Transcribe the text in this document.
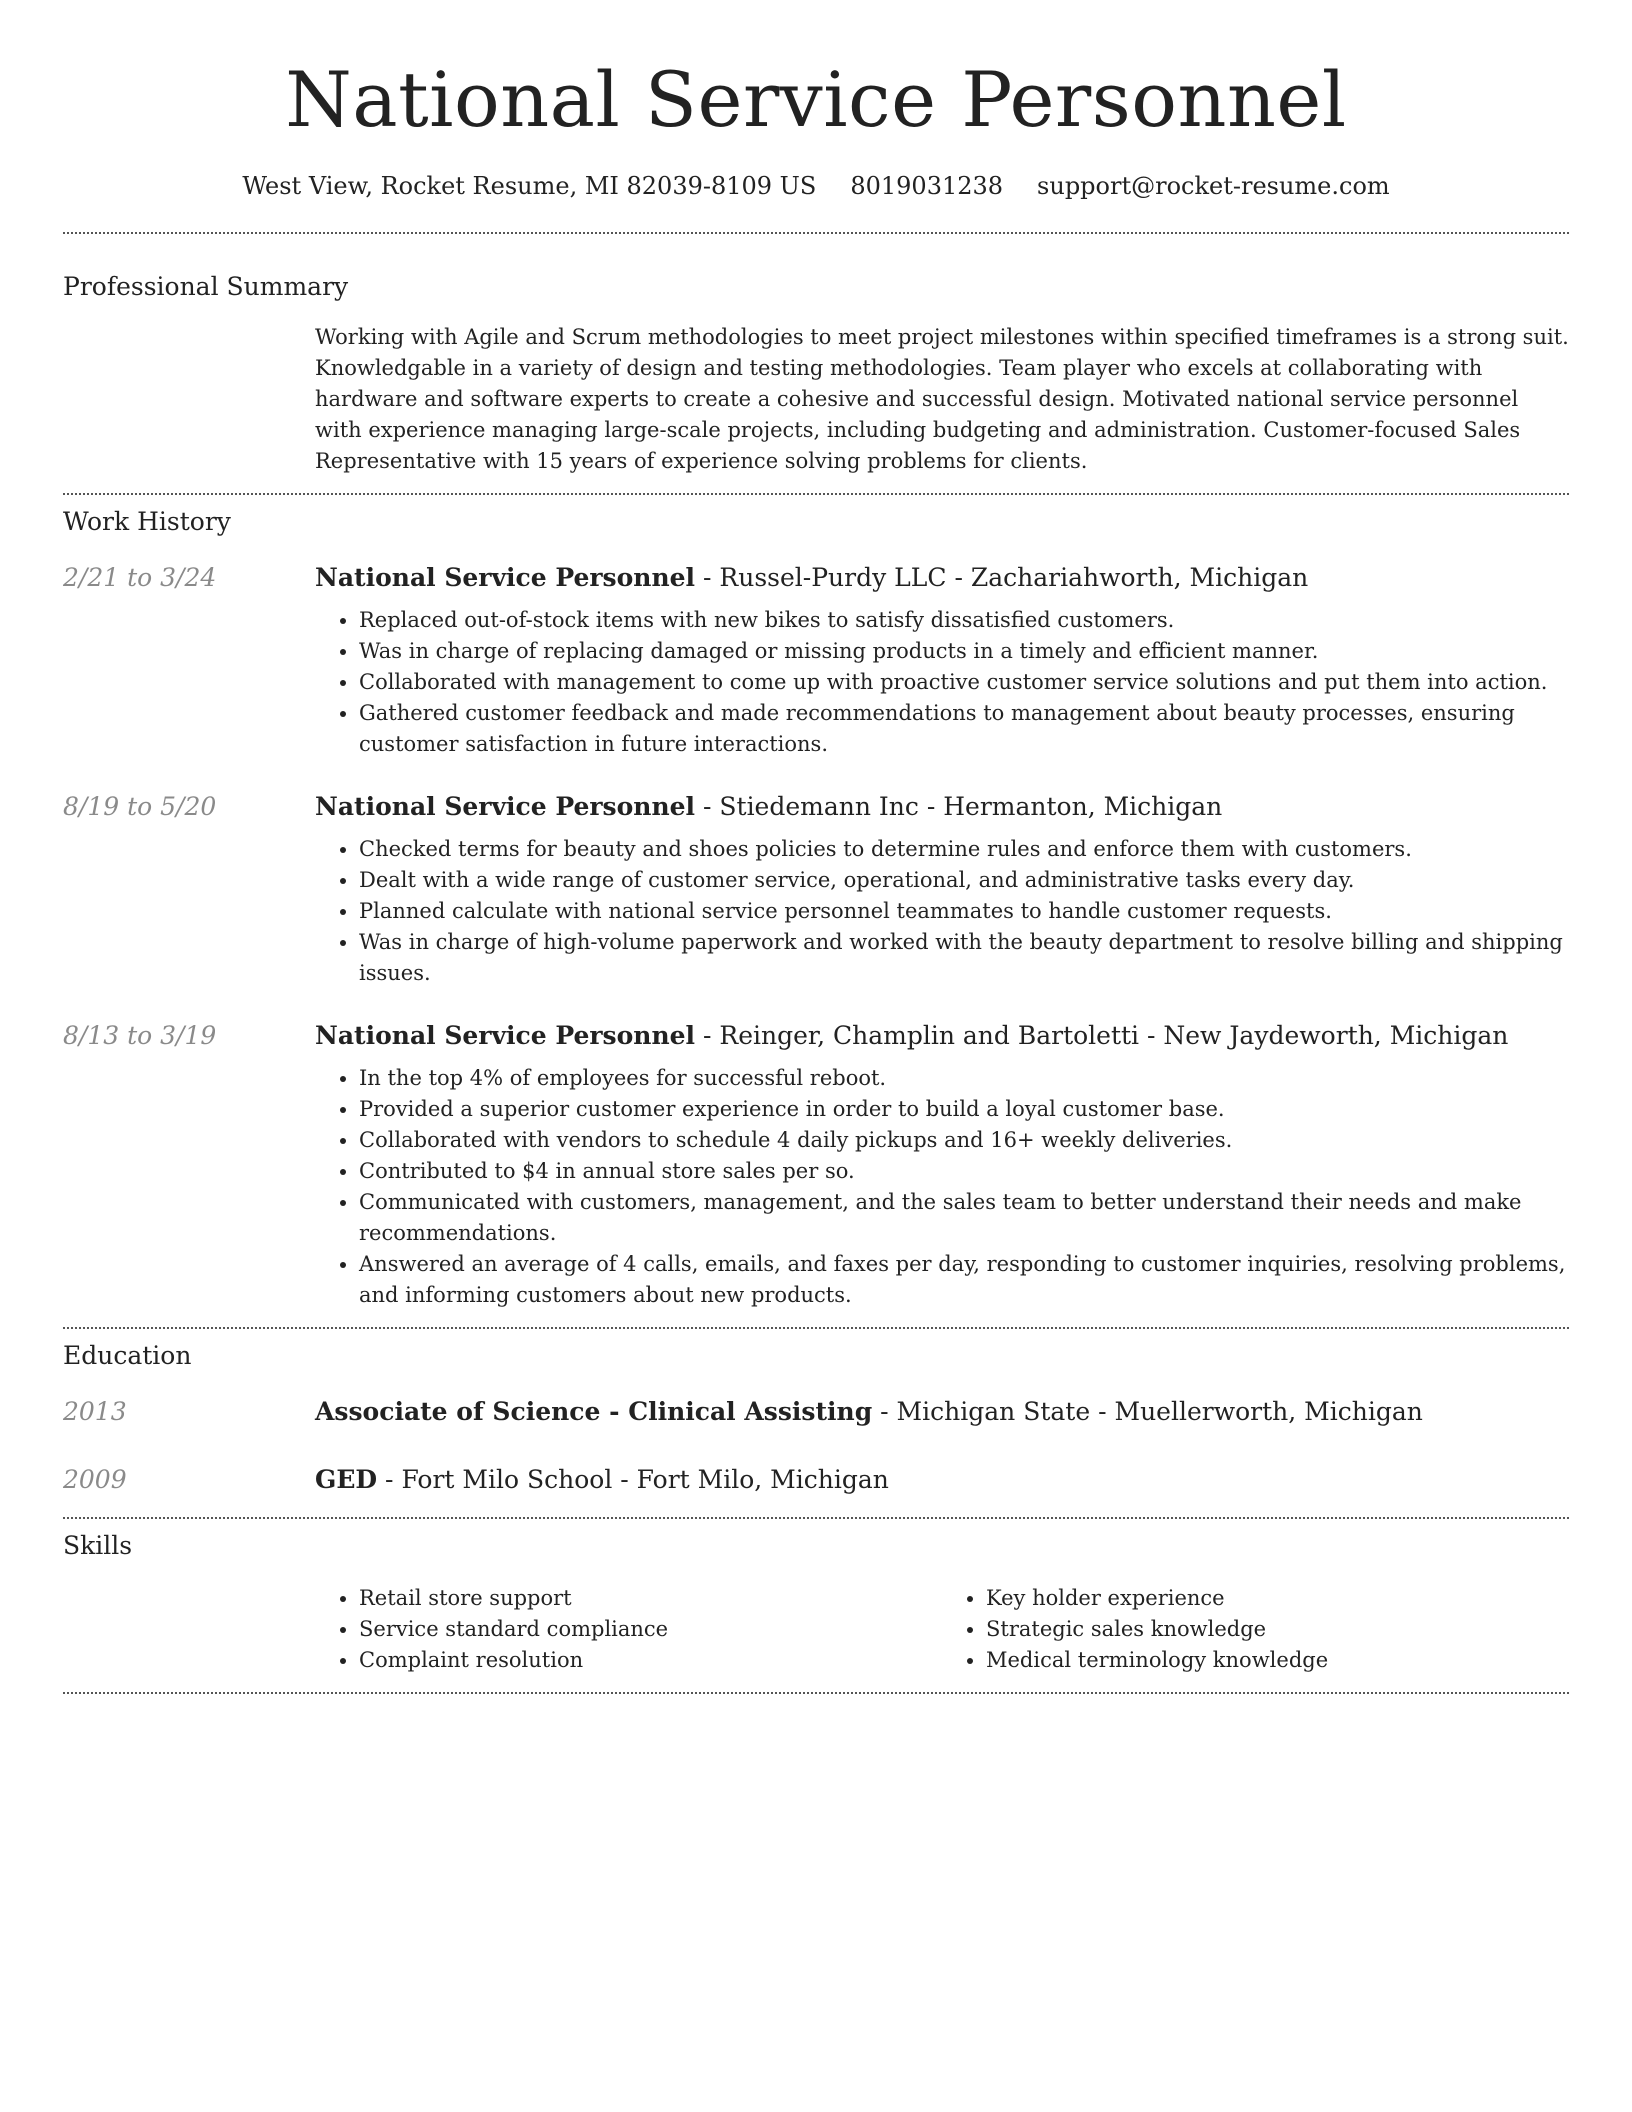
National Service Personnel
West View, Rocket Resume, MI 82039-8109 US 8019031238 support@rocket-resume.com
Professional Summary

Working with Agile and Scrum methodologies to meet project milestones within specified timeframes is a strong suit. Knowledgable in a variety of design and testing methodologies. Team player who excels at collaborating with hardware and software experts to create a cohesive and successful design. Motivated national service personnel with experience managing large-scale projects, including budgeting and administration. Customer-focused Sales Representative with 15 years of experience solving problems for clients.

Work History
2/21 to 3/24	National Service Personnel - Russel-Purdy LLC - Zachariahworth, Michigan

• Replaced out-of-stock items with new bikes to satisfy dissatisfied customers.
• Was in charge of replacing damaged or missing products in a timely and efficient manner.
• Collaborated with management to come up with proactive customer service solutions and put them into action.
• Gathered customer feedback and made recommendations to management about beauty processes, ensuring customer satisfaction in future interactions.
8/19 to 5/20	National Service Personnel - Stiedemann Inc - Hermanton, Michigan

• Checked terms for beauty and shoes policies to determine rules and enforce them with customers.
• Dealt with a wide range of customer service, operational, and administrative tasks every day.
• Planned calculate with national service personnel teammates to handle customer requests.
• Was in charge of high-volume paperwork and worked with the beauty department to resolve billing and shipping issues.
8/13 to 3/19	National Service Personnel - Reinger, Champlin and Bartoletti - New Jaydeworth, Michigan

• In the top 4% of employees for successful reboot.
• Provided a superior customer experience in order to build a loyal customer base.
• Collaborated with vendors to schedule 4 daily pickups and 16+ weekly deliveries.
• Contributed to $4 in annual store sales per so.
• Communicated with customers, management, and the sales team to better understand their needs and make recommendations.
• Answered an average of 4 calls, emails, and faxes per day, responding to customer inquiries, resolving problems, and informing customers about new products.
Education
2013	Associate of Science - Clinical Assisting - Michigan State - Muellerworth, Michigan

2009	GED - Fort Milo School - Fort Milo, Michigan

Skills
• Retail store support
• Service standard compliance
• Complaint resolution
• Key holder experience
• Strategic sales knowledge
• Medical terminology knowledge
